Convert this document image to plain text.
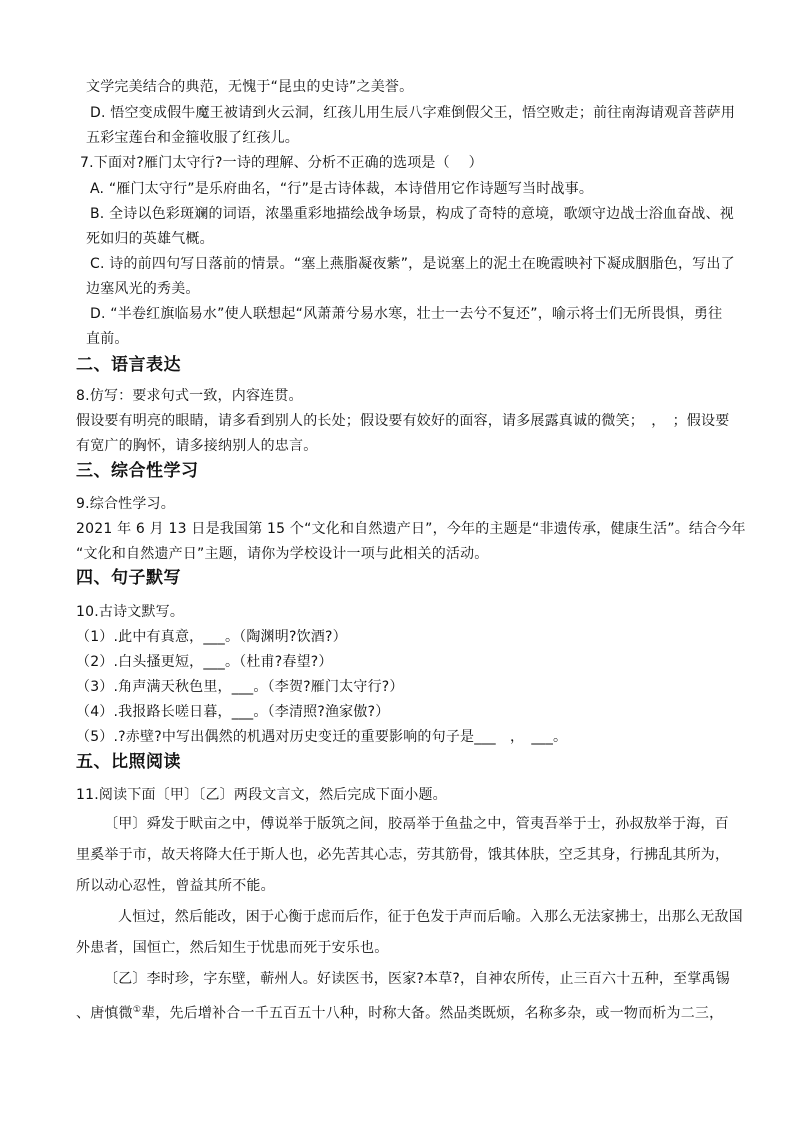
文学完美结合的典范，无愧于“昆虫的史诗”之美誉。
D. 悟空变成假牛魔王被请到火云洞，红孩儿用生辰八字难倒假父王，悟空败走；前往南海请观音菩萨用
五彩宝莲台和金箍收服了红孩儿。
7.下面对?雁门太守行?一诗的理解、分析不正确的选项是（　 ）
A. “雁门太守行”是乐府曲名，“行”是古诗体裁，本诗借用它作诗题写当时战事。
B. 全诗以色彩斑斓的词语，浓墨重彩地描绘战争场景，构成了奇特的意境，歌颂守边战士浴血奋战、视
死如归的英雄气概。
C. 诗的前四句写日落前的情景。“塞上燕脂凝夜紫”，是说塞上的泥土在晚霞映衬下凝成胭脂色，写出了
边塞风光的秀美。
D. “半卷红旗临易水”使人联想起“风萧萧兮易水寒，壮士一去兮不复还”，喻示将士们无所畏惧，勇往
直前。
二、语言表达
8.仿写：要求句式一致，内容连贯。
假设要有明亮的眼睛，请多看到别人的长处；假设要有姣好的面容，请多展露真诚的微笑；　，　；假设要
有宽广的胸怀，请多接纳别人的忠言。
三、综合性学习
9.综合性学习。
2021 年 6 月 13 日是我国第 15 个“文化和自然遗产日”，今年的主题是“非遗传承，健康生活”。结合今年
“文化和自然遗产日”主题，请你为学校设计一项与此相关的活动。
四、句子默写
10.古诗文默写。
（1）.此中有真意，___。（陶渊明?饮酒?）
（2）.白头搔更短，___。（杜甫?春望?）
（3）.角声满天秋色里，___。（李贺?雁门太守行?）
（4）.我报路长嗟日暮，___。（李清照?渔家傲?）
（5）.?赤壁?中写出偶然的机遇对历史变迁的重要影响的句子是___　，　___。
五、比照阅读
11.阅读下面〔甲〕〔乙〕两段文言文，然后完成下面小题。
〔甲〕舜发于畎亩之中，傅说举于版筑之间，胶鬲举于鱼盐之中，管夷吾举于士，孙叔敖举于海，百
里奚举于市，故天将降大任于斯人也，必先苦其心志，劳其筋骨，饿其体肤，空乏其身，行拂乱其所为，
所以动心忍性，曾益其所不能。
人恒过，然后能改，困于心衡于虑而后作，征于色发于声而后喻。入那么无法家拂士，出那么无敌国
外患者，国恒亡，然后知生于忧患而死于安乐也。
〔乙〕李时珍，字东壁，蕲州人。好读医书，医家?本草?，自神农所传，止三百六十五种，至掌禹锡
、唐慎微①辈，先后增补合一千五百五十八种，时称大备。然品类既烦，名称多杂，或一物而析为二三，
